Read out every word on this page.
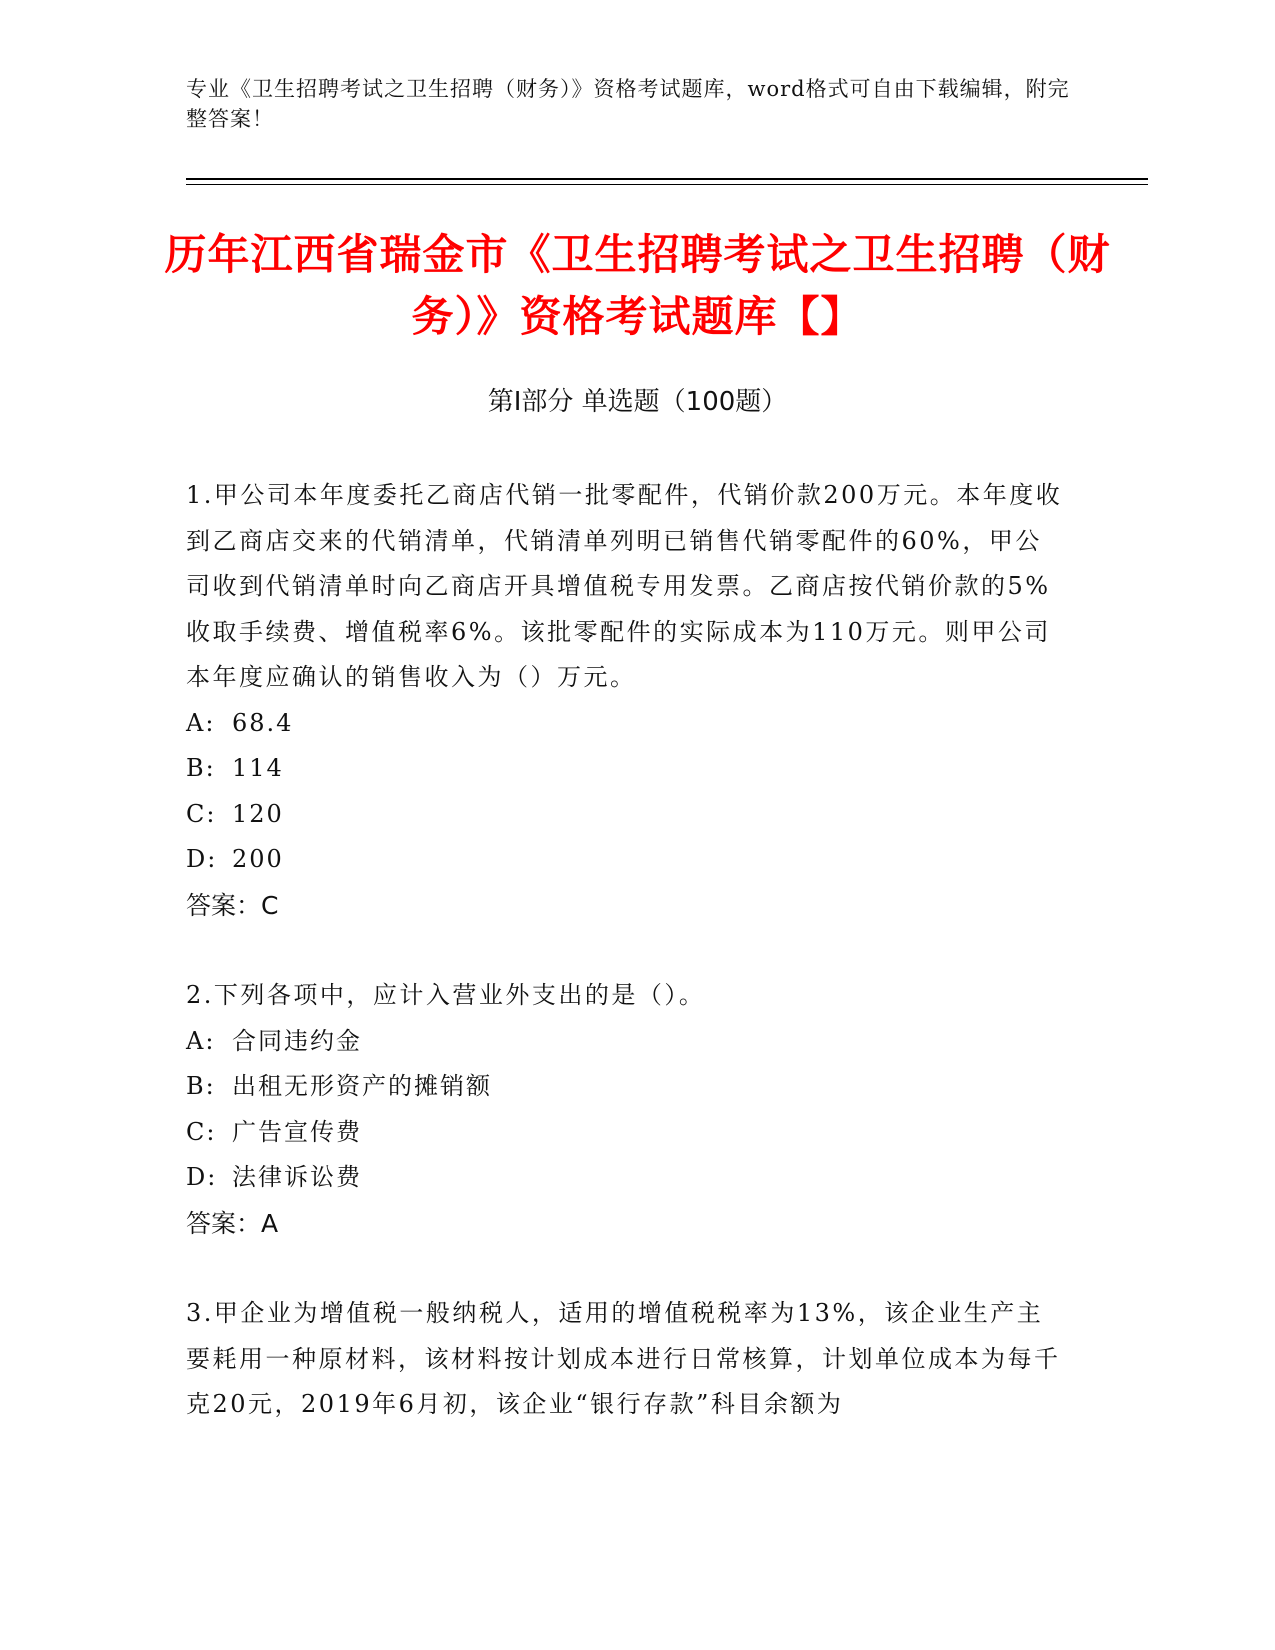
专业《卫生招聘考试之卫生招聘（财务）》资格考试题库，word格式可自由下载编辑，附完整答案！
历年江西省瑞金市《卫生招聘考试之卫生招聘（财务）》资格考试题库【】
第Ⅰ部分 单选题（100题）

1.甲公司本年度委托乙商店代销一批零配件，代销价款200万元。本年度收到乙商店交来的代销清单，代销清单列明已销售代销零配件的60%，甲公司收到代销清单时向乙商店开具增值税专用发票。乙商店按代销价款的5%收取手续费、增值税率6%。该批零配件的实际成本为110万元。则甲公司本年度应确认的销售收入为（）万元。

A: 68.4

B: 114

C: 120

D: 200

答案：C

2.下列各项中，应计入营业外支出的是（）。

A: 合同违约金

B: 出租无形资产的摊销额

C: 广告宣传费

D: 法律诉讼费

答案：A

3.甲企业为增值税一般纳税人，适用的增值税税率为13%，该企业生产主要耗用一种原材料，该材料按计划成本进行日常核算，计划单位成本为每千克20元，2019年6月初，该企业“银行存款”科目余额为
